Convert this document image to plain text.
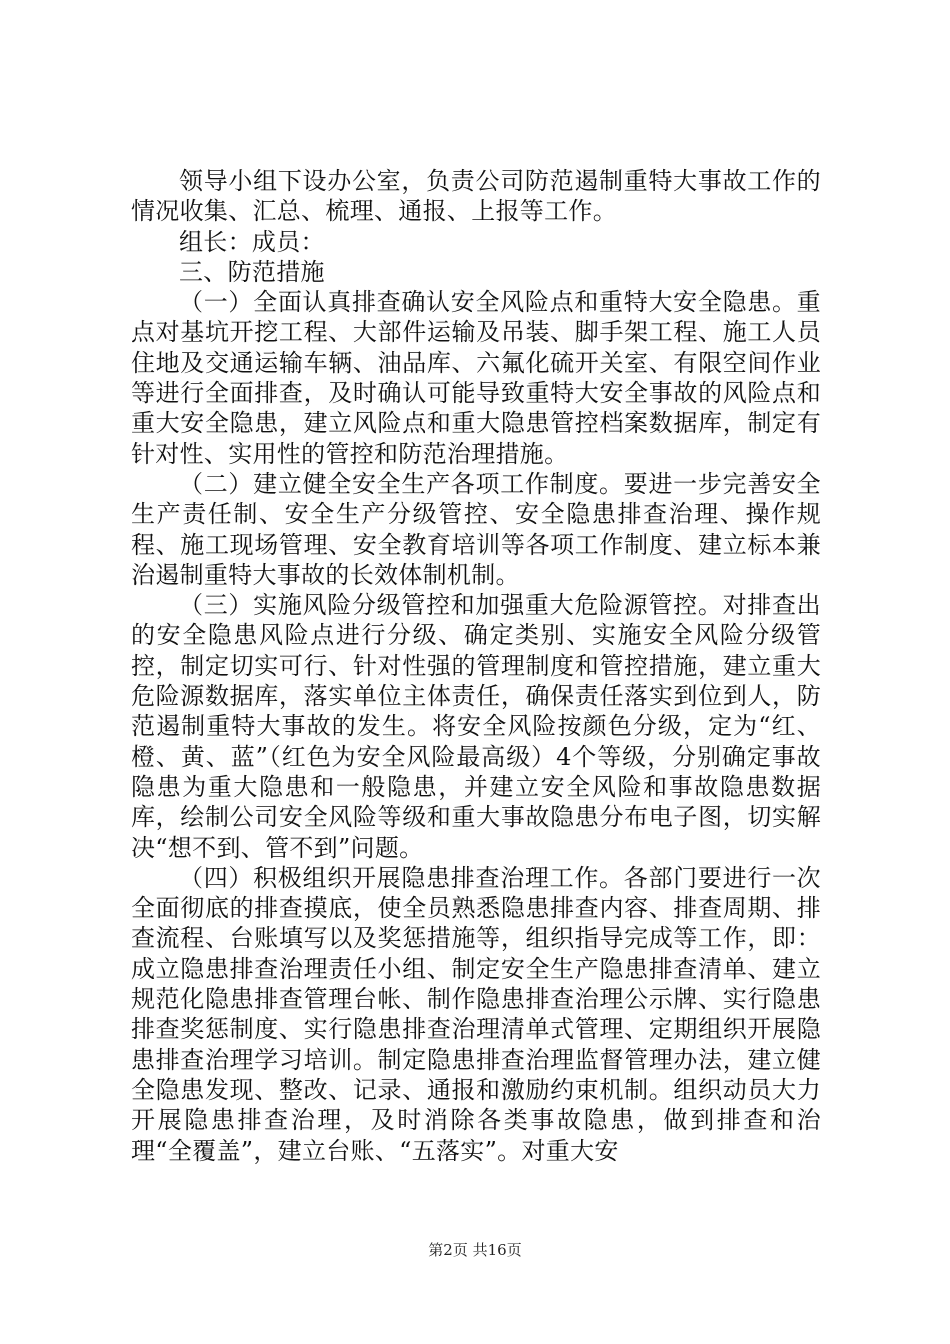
领导小组下设办公室，负责公司防范遏制重特大事故工作的情况收集、汇总、梳理、通报、上报等工作。

组长：成员：

三、防范措施

（一）全面认真排查确认安全风险点和重特大安全隐患。重点对基坑开挖工程、大部件运输及吊装、脚手架工程、施工人员住地及交通运输车辆、油品库、六氟化硫开关室、有限空间作业等进行全面排查，及时确认可能导致重特大安全事故的风险点和重大安全隐患，建立风险点和重大隐患管控档案数据库，制定有针对性、实用性的管控和防范治理措施。

（二）建立健全安全生产各项工作制度。要进一步完善安全生产责任制、安全生产分级管控、安全隐患排查治理、操作规程、施工现场管理、安全教育培训等各项工作制度、建立标本兼治遏制重特大事故的长效体制机制。

（三）实施风险分级管控和加强重大危险源管控。对排查出的安全隐患风险点进行分级、确定类别、实施安全风险分级管控，制定切实可行、针对性强的管理制度和管控措施，建立重大危险源数据库，落实单位主体责任，确保责任落实到位到人，防范遏制重特大事故的发生。将安全风险按颜色分级，定为“红、橙、黄、蓝”（红色为安全风险最高级）4个等级，分别确定事故隐患为重大隐患和一般隐患，并建立安全风险和事故隐患数据库，绘制公司安全风险等级和重大事故隐患分布电子图，切实解决“想不到、管不到”问题。

（四）积极组织开展隐患排查治理工作。各部门要进行一次全面彻底的排查摸底，使全员熟悉隐患排查内容、排查周期、排查流程、台账填写以及奖惩措施等，组织指导完成等工作，即：成立隐患排查治理责任小组、制定安全生产隐患排查清单、建立规范化隐患排查管理台帐、制作隐患排查治理公示牌、实行隐患排查奖惩制度、实行隐患排查治理清单式管理、定期组织开展隐患排查治理学习培训。制定隐患排查治理监督管理办法，建立健全隐患发现、整改、记录、通报和激励约束机制。组织动员大力开展隐患排查治理，及时消除各类事故隐患，做到排查和治理“全覆盖”，建立台账、“五落实”。对重大安

第2页 共16页
